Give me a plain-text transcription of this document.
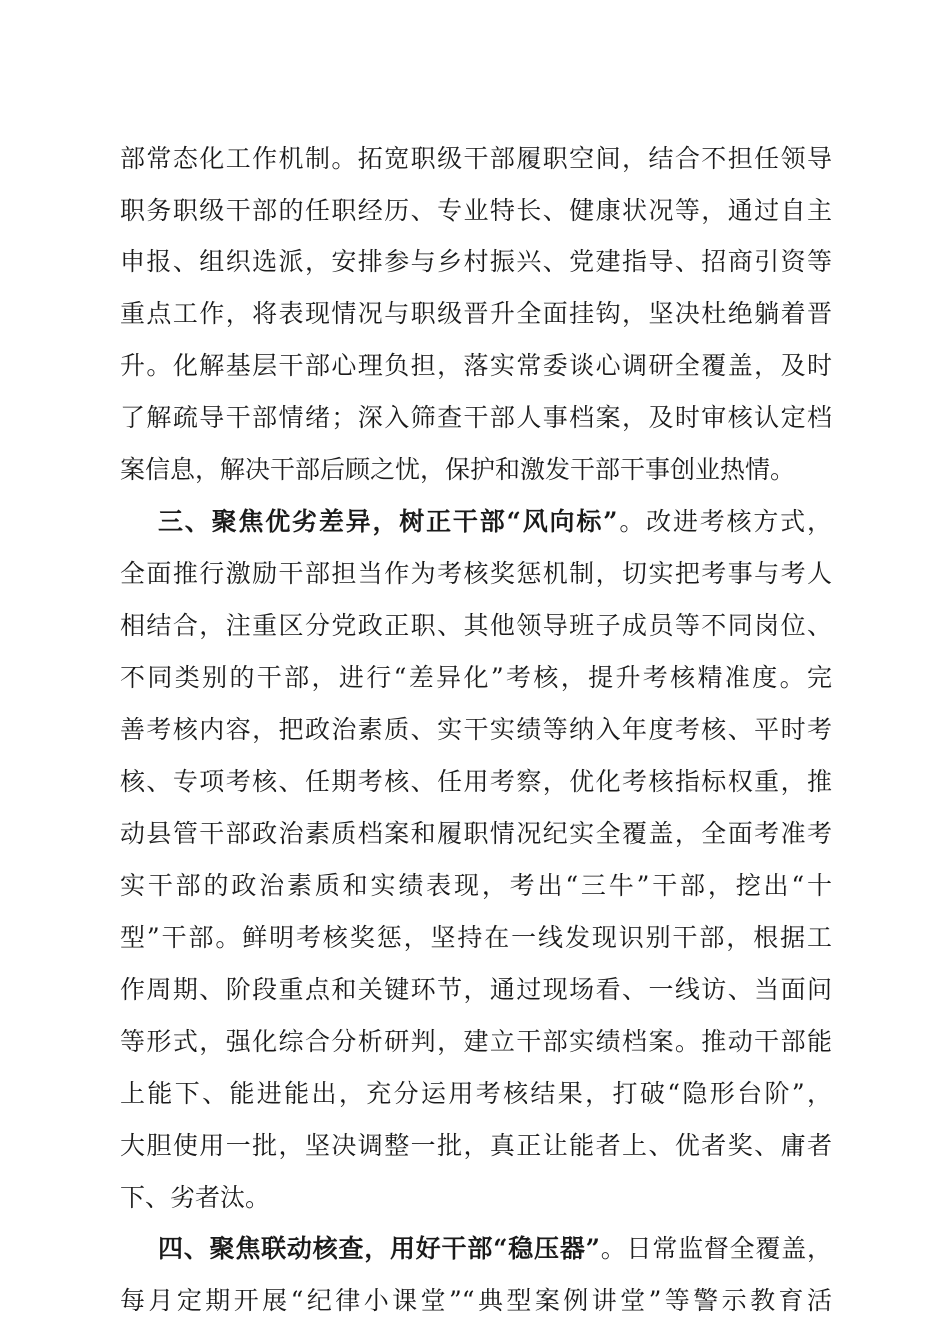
部常态化工作机制。拓宽职级干部履职空间，结合不担任领导
职务职级干部的任职经历、专业特长、健康状况等，通过自主
申报、组织选派，安排参与乡村振兴、党建指导、招商引资等
重点工作，将表现情况与职级晋升全面挂钩，坚决杜绝躺着晋
升。化解基层干部心理负担，落实常委谈心调研全覆盖，及时
了解疏导干部情绪；深入筛查干部人事档案，及时审核认定档
案信息，解决干部后顾之忧，保护和激发干部干事创业热情。
三、聚焦优劣差异，树正干部“风向标”。改进考核方式，
全面推行激励干部担当作为考核奖惩机制，切实把考事与考人
相结合，注重区分党政正职、其他领导班子成员等不同岗位、
不同类别的干部，进行“差异化”考核，提升考核精准度。完
善考核内容，把政治素质、实干实绩等纳入年度考核、平时考
核、专项考核、任期考核、任用考察，优化考核指标权重，推
动县管干部政治素质档案和履职情况纪实全覆盖，全面考准考
实干部的政治素质和实绩表现，考出“三牛”干部，挖出“十
型”干部。鲜明考核奖惩，坚持在一线发现识别干部，根据工
作周期、阶段重点和关键环节，通过现场看、一线访、当面问
等形式，强化综合分析研判，建立干部实绩档案。推动干部能
上能下、能进能出，充分运用考核结果，打破“隐形台阶”，
大胆使用一批，坚决调整一批，真正让能者上、优者奖、庸者
下、劣者汰。
四、聚焦联动核查，用好干部“稳压器”。日常监督全覆盖，
每月定期开展“纪律小课堂”“典型案例讲堂”等警示教育活
